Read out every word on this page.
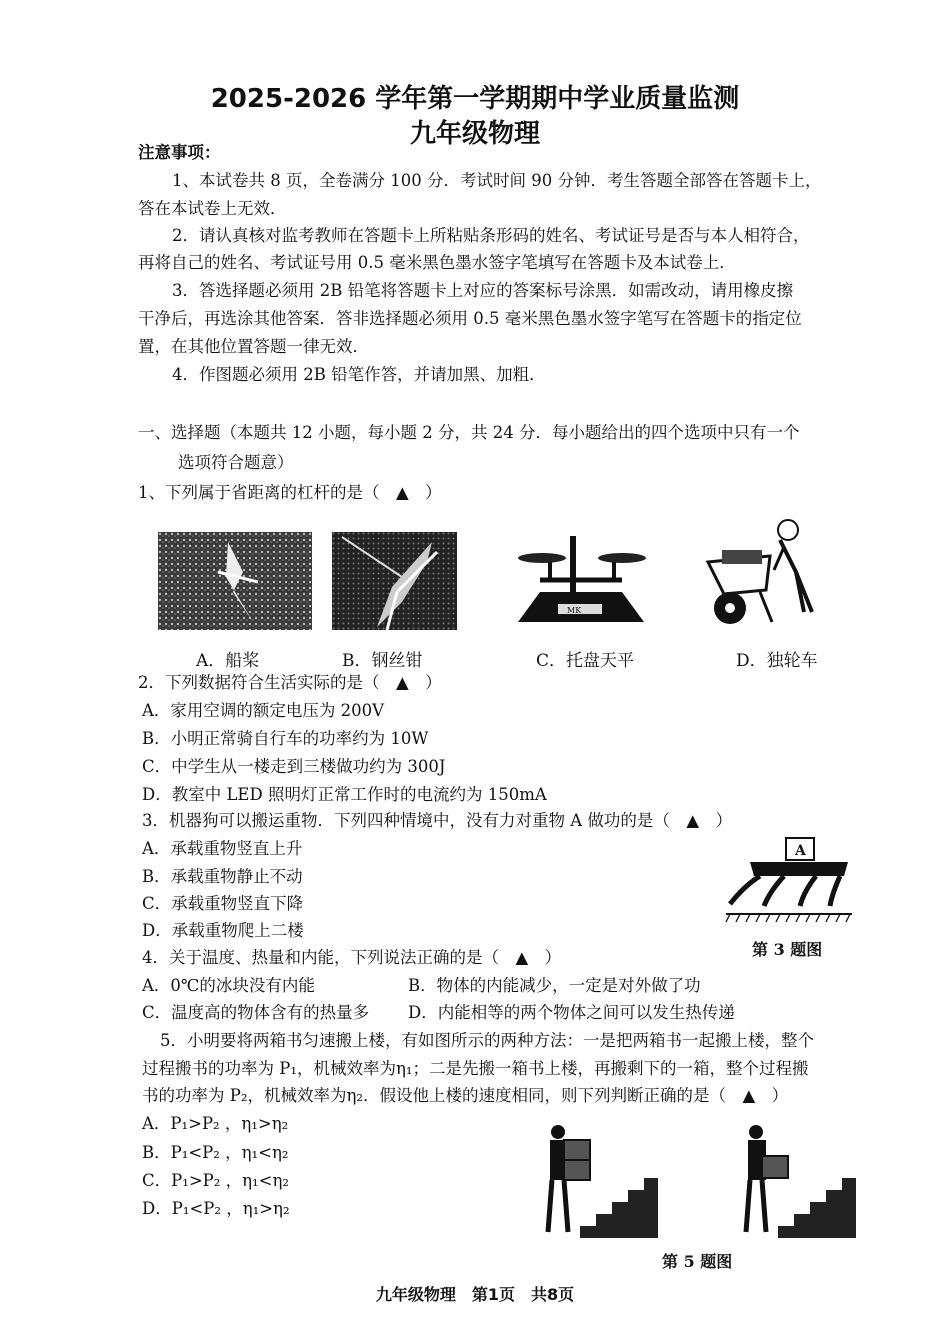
2025-2026 学年第一学期期中学业质量监测
九年级物理
注意事项：
1、本试卷共 8 页，全卷满分 100 分．考试时间 90 分钟．考生答题全部答在答题卡上，
答在本试卷上无效．
2．请认真核对监考教师在答题卡上所粘贴条形码的姓名、考试证号是否与本人相符合，
再将自己的姓名、考试证号用 0.5 毫米黑色墨水签字笔填写在答题卡及本试卷上．
3．答选择题必须用 2B 铅笔将答题卡上对应的答案标号涂黑．如需改动，请用橡皮擦
干净后，再选涂其他答案．答非选择题必须用 0.5 毫米黑色墨水签字笔写在答题卡的指定位
置，在其他位置答题一律无效．
4．作图题必须用 2B 铅笔作答，并请加黑、加粗．
一、选择题（本题共 12 小题，每小题 2 分，共 24 分．每小题给出的四个选项中只有一个
选项符合题意）
1、下列属于省距离的杠杆的是（　▲　）
MK
A．船桨	B．钢丝钳	C．托盘天平	D．独轮车
2．下列数据符合生活实际的是（　▲　）
A．家用空调的额定电压为 200V
B．小明正常骑自行车的功率约为 10W
C．中学生从一楼走到三楼做功约为 300J
D．教室中 LED 照明灯正常工作时的电流约为 150mA
3．机器狗可以搬运重物．下列四种情境中，没有力对重物 A 做功的是（　▲　）
A．承载重物竖直上升
B．承载重物静止不动
C．承载重物竖直下降
D．承载重物爬上二楼
A
第 3 题图
4．关于温度、热量和内能，下列说法正确的是（　▲　）
A．0℃的冰块没有内能	B．物体的内能减少，一定是对外做了功
C．温度高的物体含有的热量多 D．内能相等的两个物体之间可以发生热传递
5．小明要将两箱书匀速搬上楼，有如图所示的两种方法：一是把两箱书一起搬上楼，整个
过程搬书的功率为 P₁，机械效率为η₁；二是先搬一箱书上楼，再搬剩下的一箱，整个过程搬
书的功率为 P₂，机械效率为η₂．假设他上楼的速度相同，则下列判断正确的是（　▲　）
A．P₁>P₂ ，η₁>η₂
B．P₁<P₂ ，η₁<η₂
C．P₁>P₂ ，η₁<η₂
D．P₁<P₂ ，η₁>η₂
第 5 题图
九年级物理　第1页　共8页
